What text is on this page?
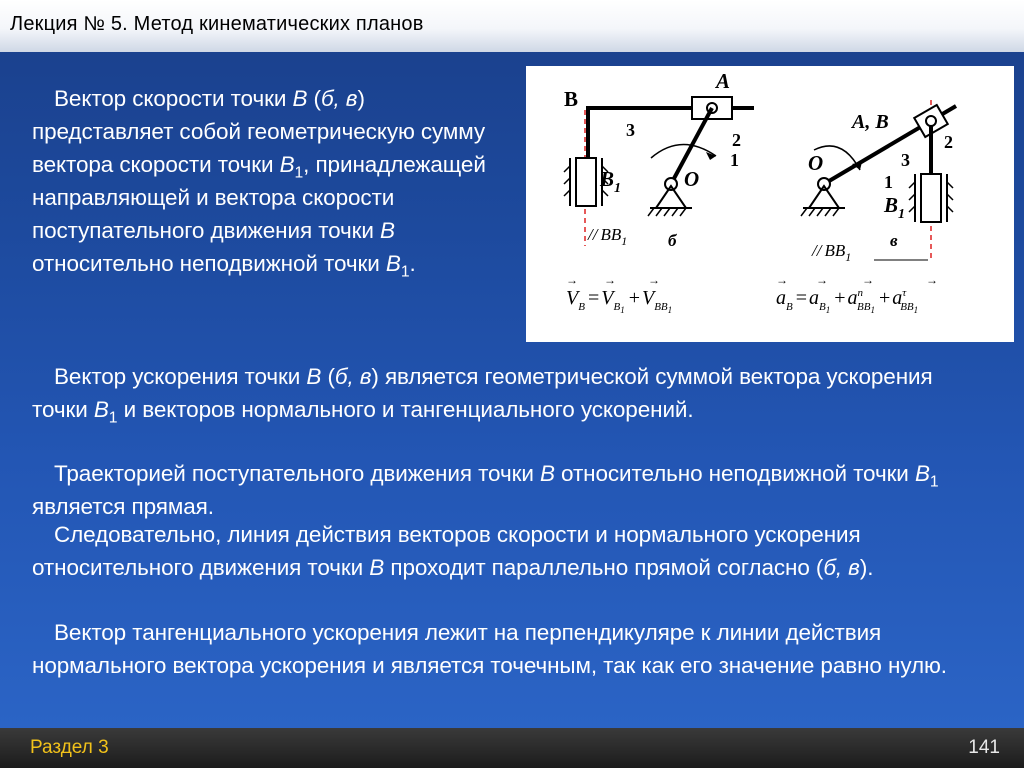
Лекция № 5. Метод кинематических планов
Вектор скорости точки B (б, в) представляет собой геометрическую сумму вектора скорости точки $B_1$, принадлежащей направляющей и вектора скорости поступательного движения точки B относительно неподвижной точки $B_1$.
B
A
3	2
1
O
$B_1$
// $BB_1$ б
A, B
2
3
1
O
$B_1$
в
// $BB_1$
$V_B = V_B1+ V_{BB}1$
→ →	→
$a_B = a_B1+ a^n$ $BB1+ a^\tau$ BB1
→ →	→	→
Вектор ускорения точки B (б, в) является геометрической суммой вектора ускорения точки $B_1$ и векторов нормального и тангенциального ускорений.
Траекторией поступательного движения точки B относительно неподвижной точки $B_1$ является прямая.
Следовательно, линия действия векторов скорости и нормального ускорения относительного движения точки B проходит параллельно прямой согласно (б, в).
Вектор тангенциального ускорения лежит на перпендикуляре к линии действия нормального вектора ускорения и является точечным, так как его значение равно нулю.
Раздел 3	141
